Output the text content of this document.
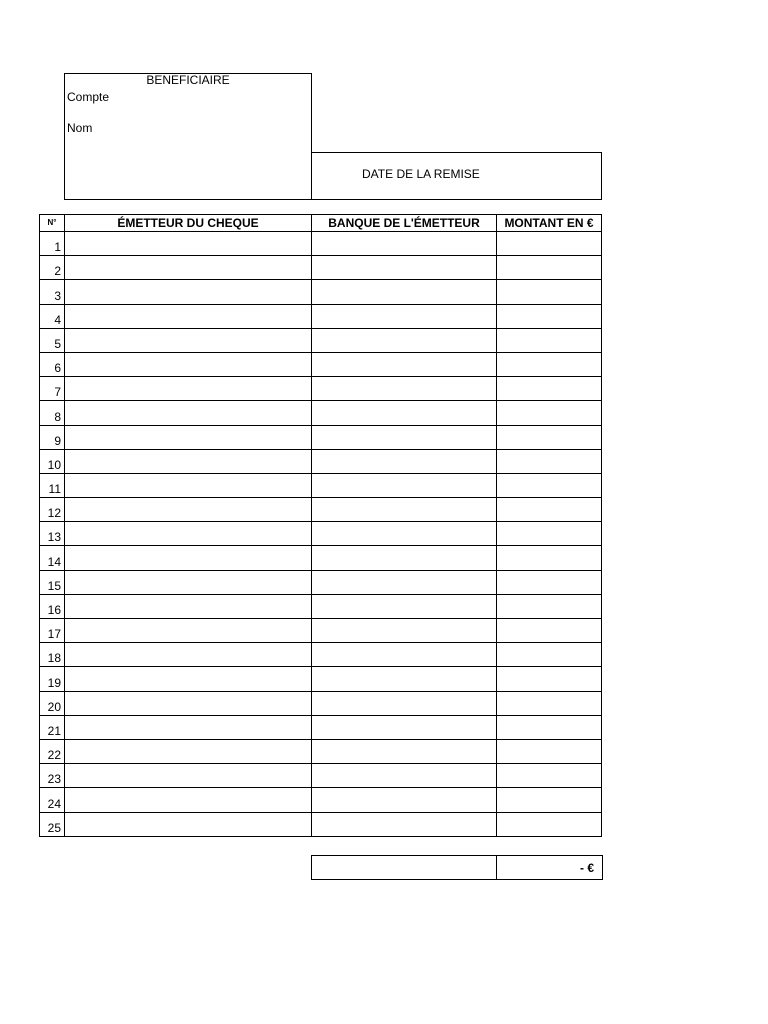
BENEFICIAIRE
Compte
Nom
DATE DE LA REMISE
N°	ÉMETTEUR DU CHEQUE	BANQUE DE L'ÉMETTEUR	MONTANT EN €
1			
2			
3			
4			
5			
6			
7			
8			
9			
10			
11			
12			
13			
14			
15			
16			
17			
18			
19			
20			
21			
22			
23			
24			
25			
	- €
